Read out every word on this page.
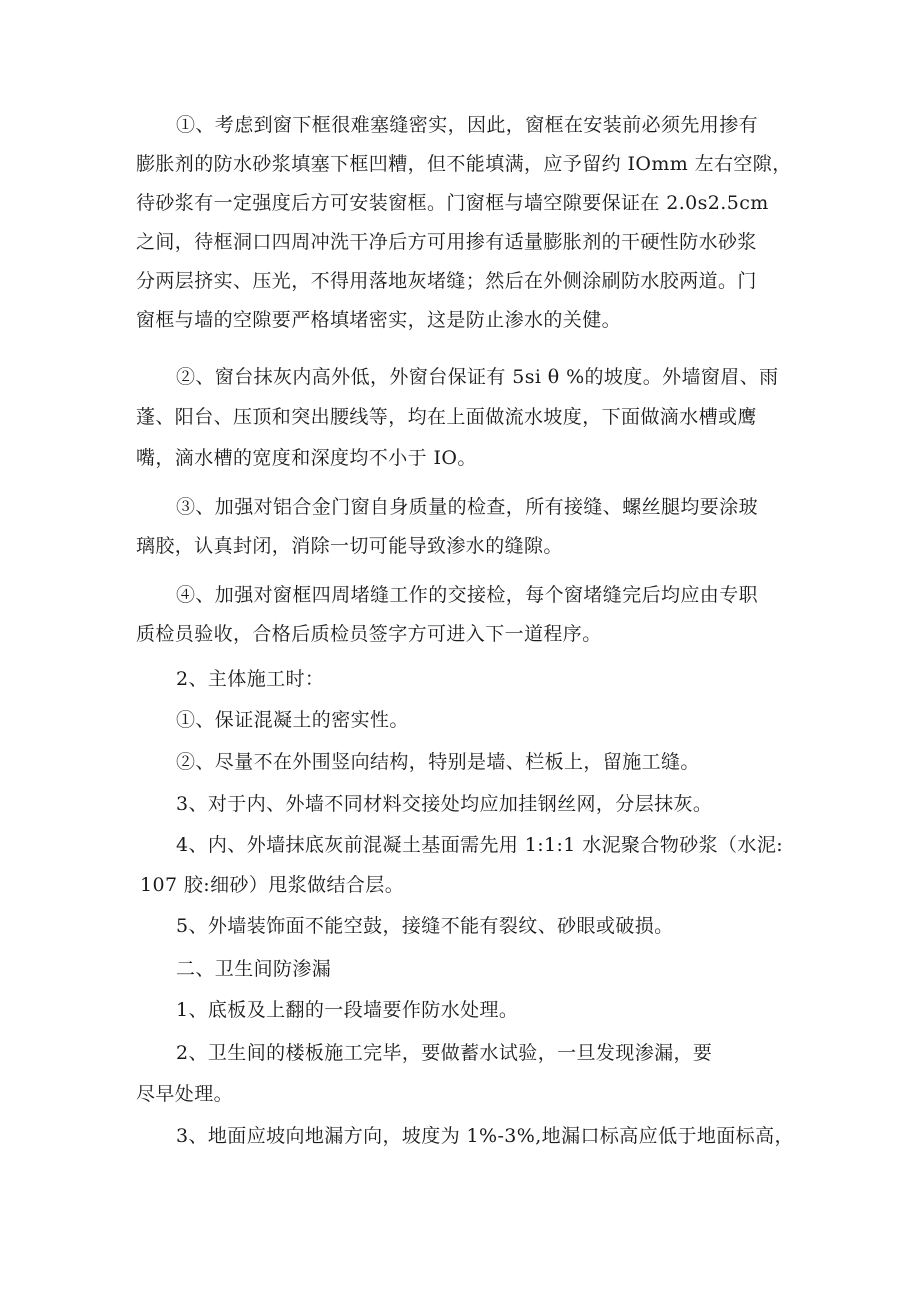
①、考虑到窗下框很难塞缝密实，因此，窗框在安装前必须先用掺有
膨胀剂的防水砂浆填塞下框凹糟，但不能填满，应予留约 IOmm 左右空隙，
待砂浆有一定强度后方可安装窗框。门窗框与墙空隙要保证在 2.0s2.5cm
之间，待框洞口四周冲洗干净后方可用掺有适量膨胀剂的干硬性防水砂浆
分两层挤实、压光，不得用落地灰堵缝；然后在外侧涂刷防水胶两道。门
窗框与墙的空隙要严格填堵密实，这是防止渗水的关健。
②、窗台抹灰内高外低，外窗台保证有 5si θ %的坡度。外墙窗眉、雨
蓬、阳台、压顶和突出腰线等，均在上面做流水坡度，下面做滴水槽或鹰
嘴，滴水槽的宽度和深度均不小于 IO。
③、加强对铝合金门窗自身质量的检查，所有接缝、螺丝腿均要涂玻
璃胶，认真封闭，消除一切可能导致渗水的缝隙。
④、加强对窗框四周堵缝工作的交接检，每个窗堵缝完后均应由专职
质检员验收，合格后质检员签字方可进入下一道程序。
2、主体施工时：
①、保证混凝土的密实性。
②、尽量不在外围竖向结构，特别是墙、栏板上，留施工缝。
3、对于内、外墙不同材料交接处均应加挂钢丝网，分层抹灰。
4、内、外墙抹底灰前混凝土基面需先用 1:1:1 水泥聚合物砂浆（水泥:
107 胶:细砂）甩浆做结合层。
5、外墙装饰面不能空鼓，接缝不能有裂纹、砂眼或破损。
二、卫生间防渗漏
1、底板及上翻的一段墙要作防水处理。
2、卫生间的楼板施工完毕，要做蓄水试验，一旦发现渗漏，要
尽早处理。
3、地面应坡向地漏方向，坡度为 1%-3%,地漏口标高应低于地面标高，
